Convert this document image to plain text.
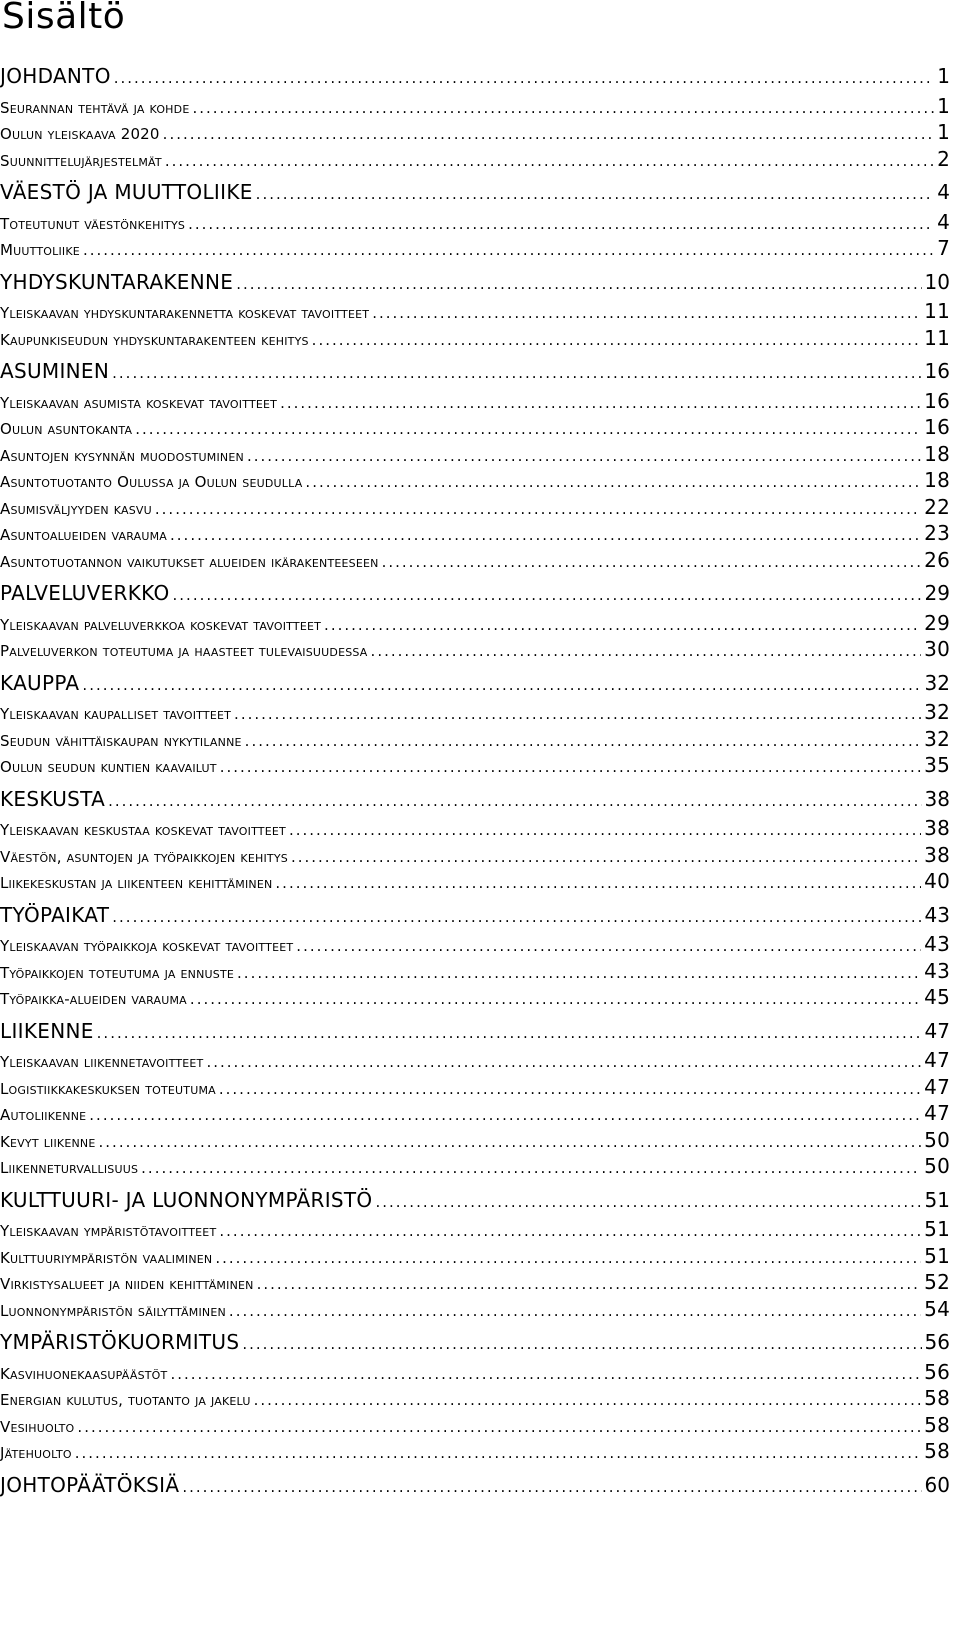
Sisältö
JOHDANTO .....	1
Seurannan tehtävä ja kohde .....	1
Oulun yleiskaava 2020 .....	1
Suunnittelujärjestelmät .....	2
VÄESTÖ JA MUUTTOLIIKE .....	4
Toteutunut väestönkehitys .....	4
Muuttoliike .....	7
YHDYSKUNTARAKENNE .....	10
Yleiskaavan yhdyskuntarakennetta koskevat tavoitteet .....	11
Kaupunkiseudun yhdyskuntarakenteen kehitys .....	11
ASUMINEN .....	16
Yleiskaavan asumista koskevat tavoitteet .....	16
Oulun asuntokanta .....	16
Asuntojen kysynnän muodostuminen .....	18
Asuntotuotanto Oulussa ja Oulun seudulla .....	18
Asumisväljyyden kasvu .....	22
Asuntoalueiden varauma .....	23
Asuntotuotannon vaikutukset alueiden ikärakenteeseen .....	26
PALVELUVERKKO .....	29
Yleiskaavan palveluverkkoa koskevat tavoitteet .....	29
Palveluverkon toteutuma ja haasteet tulevaisuudessa .....	30
KAUPPA .....	32
Yleiskaavan kaupalliset tavoitteet .....	32
Seudun vähittäiskaupan nykytilanne .....	32
Oulun seudun kuntien kaavailut .....	35
KESKUSTA .....	38
Yleiskaavan keskustaa koskevat tavoitteet .....	38
Väestön, asuntojen ja työpaikkojen kehitys .....	38
Liikekeskustan ja liikenteen kehittäminen .....	40
TYÖPAIKAT .....	43
Yleiskaavan työpaikkoja koskevat tavoitteet .....	43
Työpaikkojen toteutuma ja ennuste .....	43
Työpaikka-alueiden varauma .....	45
LIIKENNE .....	47
Yleiskaavan liikennetavoitteet .....	47
Logistiikkakeskuksen toteutuma .....	47
Autoliikenne .....	47
Kevyt liikenne .....	50
Liikenneturvallisuus .....	50
KULTTUURI- JA LUONNONYMPÄRISTÖ .....	51
Yleiskaavan ympäristötavoitteet .....	51
Kulttuuriympäristön vaaliminen .....	51
Virkistysalueet ja niiden kehittäminen .....	52
Luonnonympäristön säilyttäminen .....	54
YMPÄRISTÖKUORMITUS .....	56
Kasvihuonekaasupäästöt .....	56
Energian kulutus, tuotanto ja jakelu .....	58
Vesihuolto .....	58
Jätehuolto .....	58
JOHTOPÄÄTÖKSIÄ .....	60
